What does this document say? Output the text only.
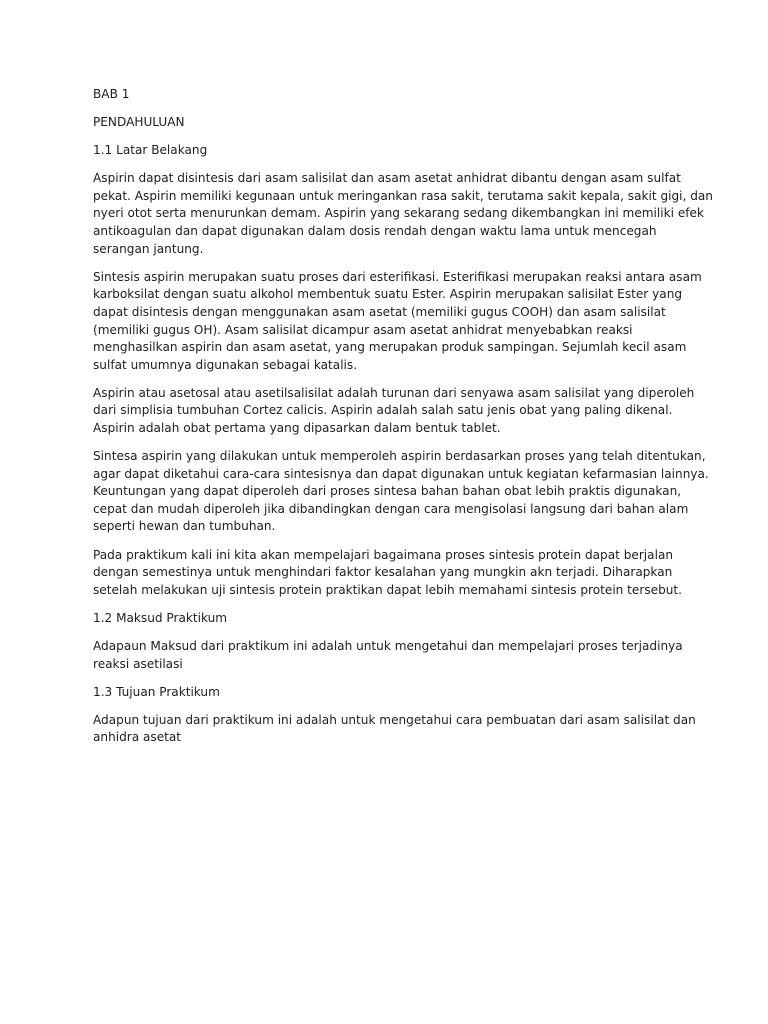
BAB 1
PENDAHULUAN
1.1 Latar Belakang
Aspirin dapat disintesis dari asam salisilat dan asam asetat anhidrat dibantu dengan asam sulfat
pekat. Aspirin memiliki kegunaan untuk meringankan rasa sakit, terutama sakit kepala, sakit gigi, dan
nyeri otot serta menurunkan demam. Aspirin yang sekarang sedang dikembangkan ini memiliki efek
antikoagulan dan dapat digunakan dalam dosis rendah dengan waktu lama untuk mencegah
serangan jantung.
Sintesis aspirin merupakan suatu proses dari esterifikasi. Esterifikasi merupakan reaksi antara asam
karboksilat dengan suatu alkohol membentuk suatu Ester. Aspirin merupakan salisilat Ester yang
dapat disintesis dengan menggunakan asam asetat (memiliki gugus COOH) dan asam salisilat
(memiliki gugus OH). Asam salisilat dicampur asam asetat anhidrat menyebabkan reaksi
menghasilkan aspirin dan asam asetat, yang merupakan produk sampingan. Sejumlah kecil asam
sulfat umumnya digunakan sebagai katalis.
Aspirin atau asetosal atau asetilsalisilat adalah turunan dari senyawa asam salisilat yang diperoleh
dari simplisia tumbuhan Cortez calicis. Aspirin adalah salah satu jenis obat yang paling dikenal.
Aspirin adalah obat pertama yang dipasarkan dalam bentuk tablet.
Sintesa aspirin yang dilakukan untuk memperoleh aspirin berdasarkan proses yang telah ditentukan,
agar dapat diketahui cara-cara sintesisnya dan dapat digunakan untuk kegiatan kefarmasian lainnya.
Keuntungan yang dapat diperoleh dari proses sintesa bahan bahan obat lebih praktis digunakan,
cepat dan mudah diperoleh jika dibandingkan dengan cara mengisolasi langsung dari bahan alam
seperti hewan dan tumbuhan.
Pada praktikum kali ini kita akan mempelajari bagaimana proses sintesis protein dapat berjalan
dengan semestinya untuk menghindari faktor kesalahan yang mungkin akn terjadi. Diharapkan
setelah melakukan uji sintesis protein praktikan dapat lebih memahami sintesis protein tersebut.
1.2 Maksud Praktikum
Adapaun Maksud dari praktikum ini adalah untuk mengetahui dan mempelajari proses terjadinya
reaksi asetilasi
1.3 Tujuan Praktikum
Adapun tujuan dari praktikum ini adalah untuk mengetahui cara pembuatan dari asam salisilat dan
anhidra asetat
